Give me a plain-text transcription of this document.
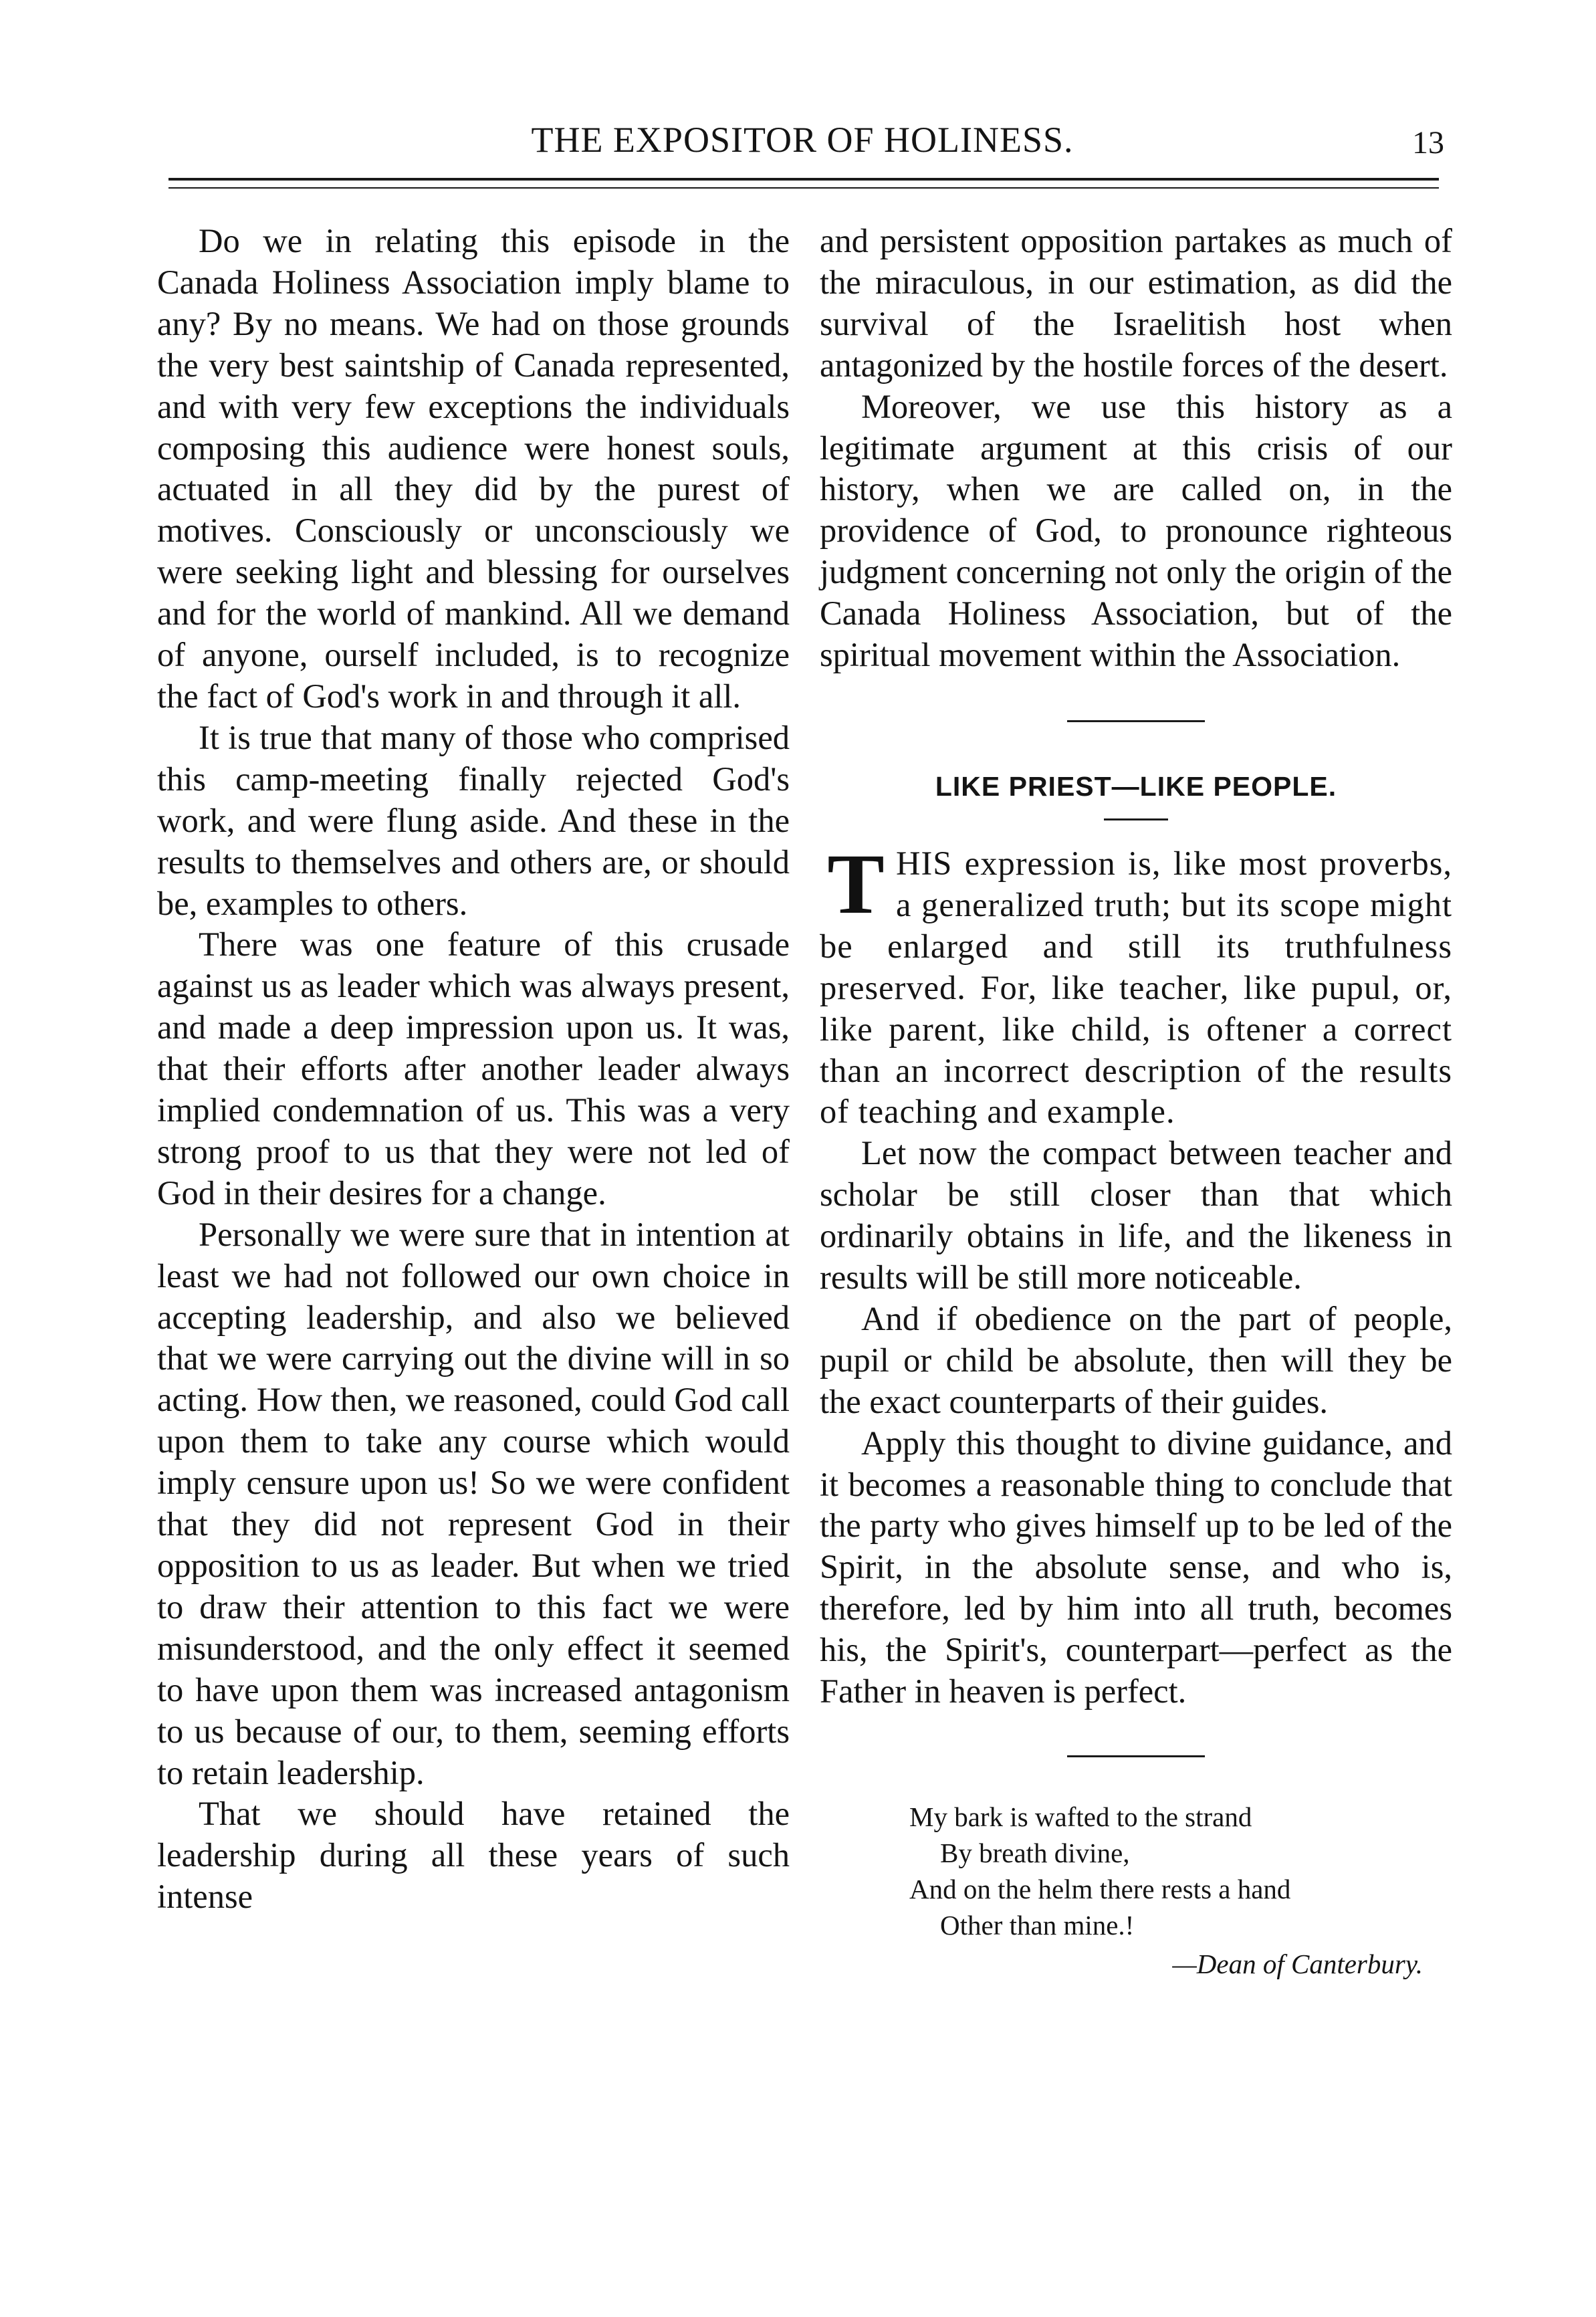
THE EXPOSITOR OF HOLINESS.	13

Do we in relating this episode in the Canada Holiness Association imply blame to any? By no means. We had on those grounds the very best saintship of Canada represented, and with very few exceptions the individuals composing this audience were honest souls, actuated in all they did by the purest of motives. Consciously or unconsciously we were seeking light and blessing for ourselves and for the world of mankind. All we demand of anyone, ourself included, is to recognize the fact of God's work in and through it all.

It is true that many of those who comprised this camp-meeting finally rejected God's work, and were flung aside. And these in the results to themselves and others are, or should be, examples to others.

There was one feature of this crusade against us as leader which was always present, and made a deep impression upon us. It was, that their efforts after another leader always implied condemnation of us. This was a very strong proof to us that they were not led of God in their desires for a change.

Personally we were sure that in intention at least we had not followed our own choice in accepting leadership, and also we believed that we were carrying out the divine will in so acting. How then, we reasoned, could God call upon them to take any course which would imply censure upon us! So we were confident that they did not represent God in their opposition to us as leader. But when we tried to draw their attention to this fact we were misunderstood, and the only effect it seemed to have upon them was increased antagonism to us because of our, to them, seeming efforts to retain leadership.

That we should have retained the leadership during all these years of such intense

and persistent opposition partakes as much of the miraculous, in our estimation, as did the survival of the Israelitish host when antagonized by the hostile forces of the desert.

Moreover, we use this history as a legitimate argument at this crisis of our history, when we are called on, in the providence of God, to pronounce righteous judgment concerning not only the origin of the Canada Holiness Association, but of the spiritual movement within the Association.

LIKE PRIEST—LIKE PEOPLE.

THIS expression is, like most proverbs, a generalized truth; but its scope might be enlarged and still its truthfulness preserved. For, like teacher, like pupul, or, like parent, like child, is oftener a correct than an incorrect description of the results of teaching and example.

Let now the compact between teacher and scholar be still closer than that which ordinarily obtains in life, and the likeness in results will be still more noticeable.

And if obedience on the part of people, pupil or child be absolute, then will they be the exact counterparts of their guides.

Apply this thought to divine guidance, and it becomes a reasonable thing to conclude that the party who gives himself up to be led of the Spirit, in the absolute sense, and who is, therefore, led by him into all truth, becomes his, the Spirit's, counterpart—perfect as the Father in heaven is perfect.

My bark is wafted to the strand
By breath divine,
And on the helm there rests a hand
Other than mine.!
—Dean of Canterbury.
